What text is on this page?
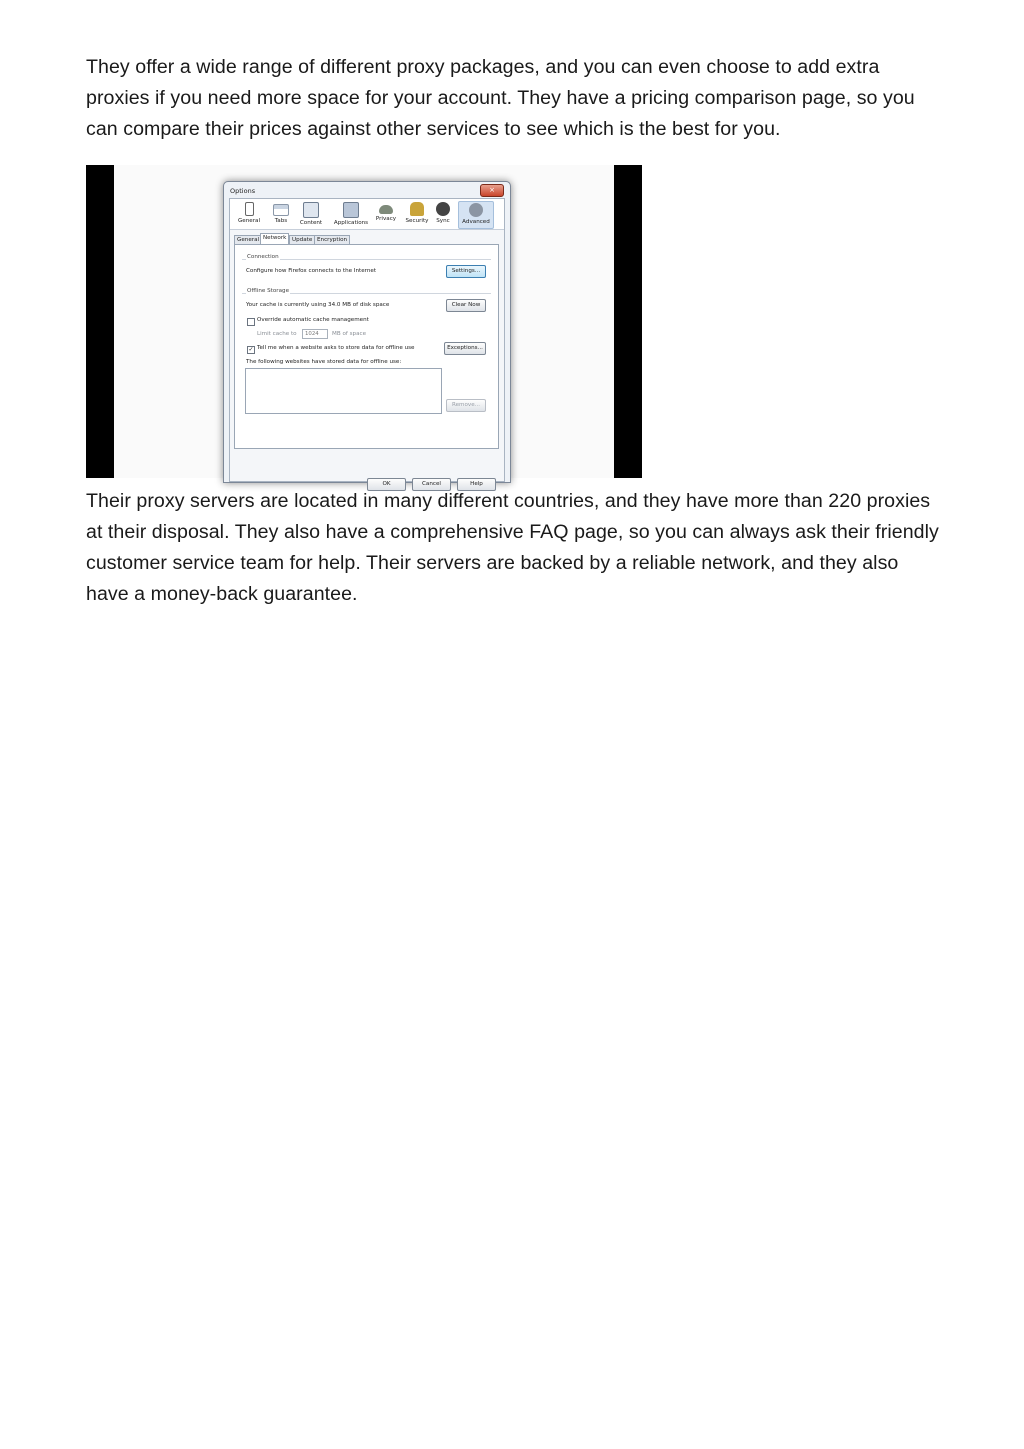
They offer a wide range of different proxy packages, and you can even choose to add extra proxies if you need more space for your account. They have a pricing comparison page, so you can compare their prices against other services to see which is the best for you.

Options	×
General	Tabs	Content	Applications
Privacy	Security	Sync	Advanced
General Network	Update Encryption
Connection
Configure how Firefox connects to the Internet	Settings...
Offline Storage
Your cache is currently using 34.0 MB of disk space	Clear Now
Override automatic cache management
Limit cache to	1024	MB of space
✓ Tell me when a website asks to store data for offline use	Exceptions...
The following websites have stored data for offline use:
Remove...
OK	Cancel	Help

Their proxy servers are located in many different countries, and they have more than 220 proxies at their disposal. They also have a comprehensive FAQ page, so you can always ask their friendly customer service team for help. Their servers are backed by a reliable network, and they also have a money-back guarantee.
